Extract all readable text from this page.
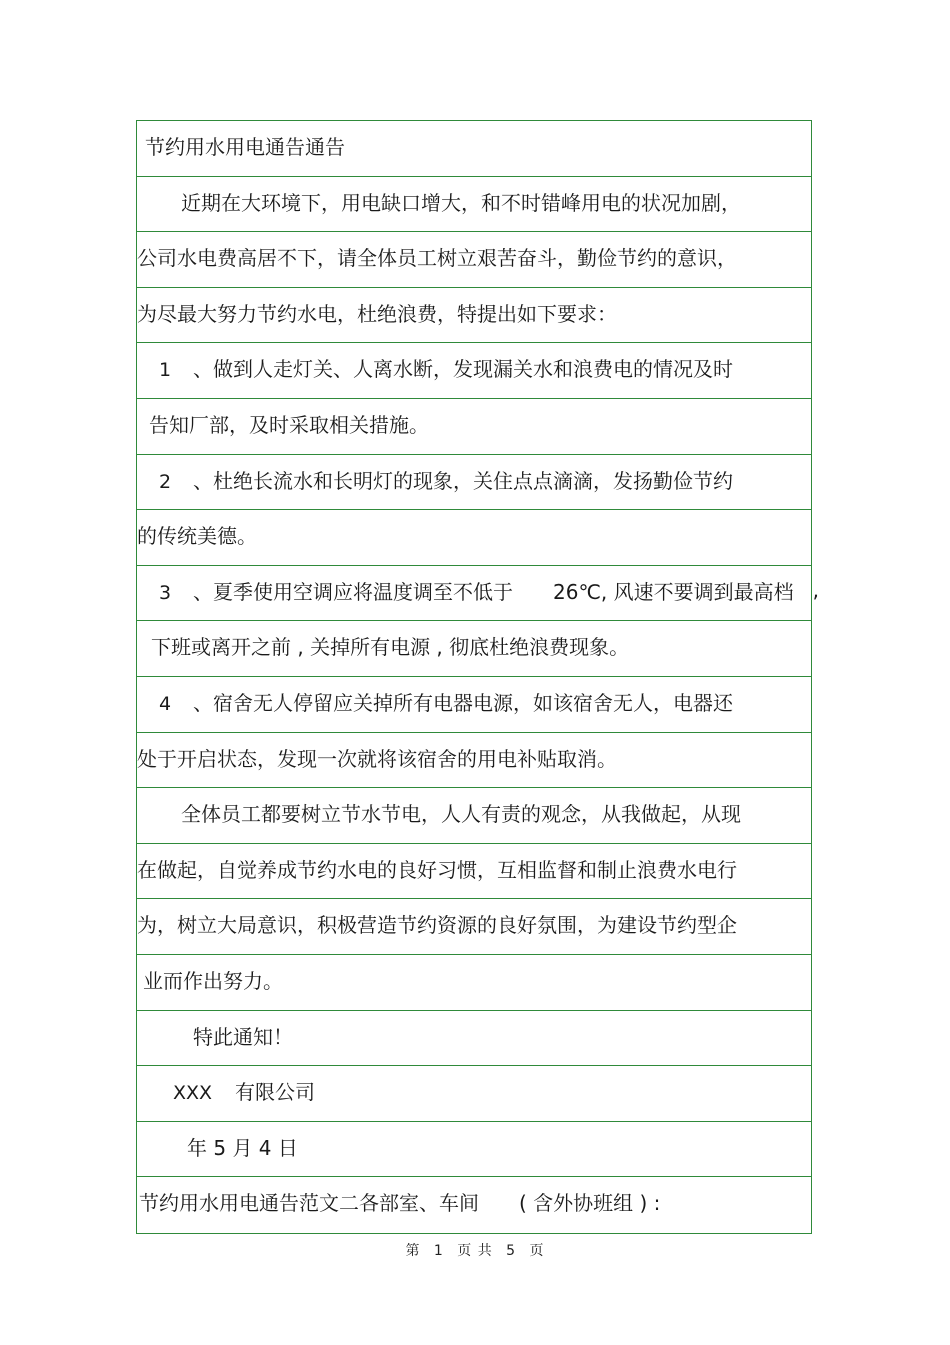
节约用水用电通告通告
近期在大环境下，用电缺口增大，和不时错峰用电的状况加剧，
公司水电费高居不下，请全体员工树立艰苦奋斗，勤俭节约的意识，
为尽最大努力节约水电，杜绝浪费，特提出如下要求：
1 、做到人走灯关、人离水断，发现漏关水和浪费电的情况及时
告知厂部，及时采取相关措施。
2 、杜绝长流水和长明灯的现象，关住点点滴滴，发扬勤俭节约
的传统美德。
3 、夏季使用空调应将温度调至不低于 26℃, 风速不要调到最高档 ,
下班或离开之前 , 关掉所有电源 , 彻底杜绝浪费现象。
4 、宿舍无人停留应关掉所有电器电源，如该宿舍无人，电器还
处于开启状态，发现一次就将该宿舍的用电补贴取消。
全体员工都要树立节水节电，人人有责的观念，从我做起，从现
在做起，自觉养成节约水电的良好习惯，互相监督和制止浪费水电行
为，树立大局意识，积极营造节约资源的良好氛围，为建设节约型企
业而作出努力。
特此通知！
XXX 有限公司
年 5 月 4 日
节约用水用电通告范文二各部室、车间 ( 含外协班组 ) :
第 1 页 共 5 页
